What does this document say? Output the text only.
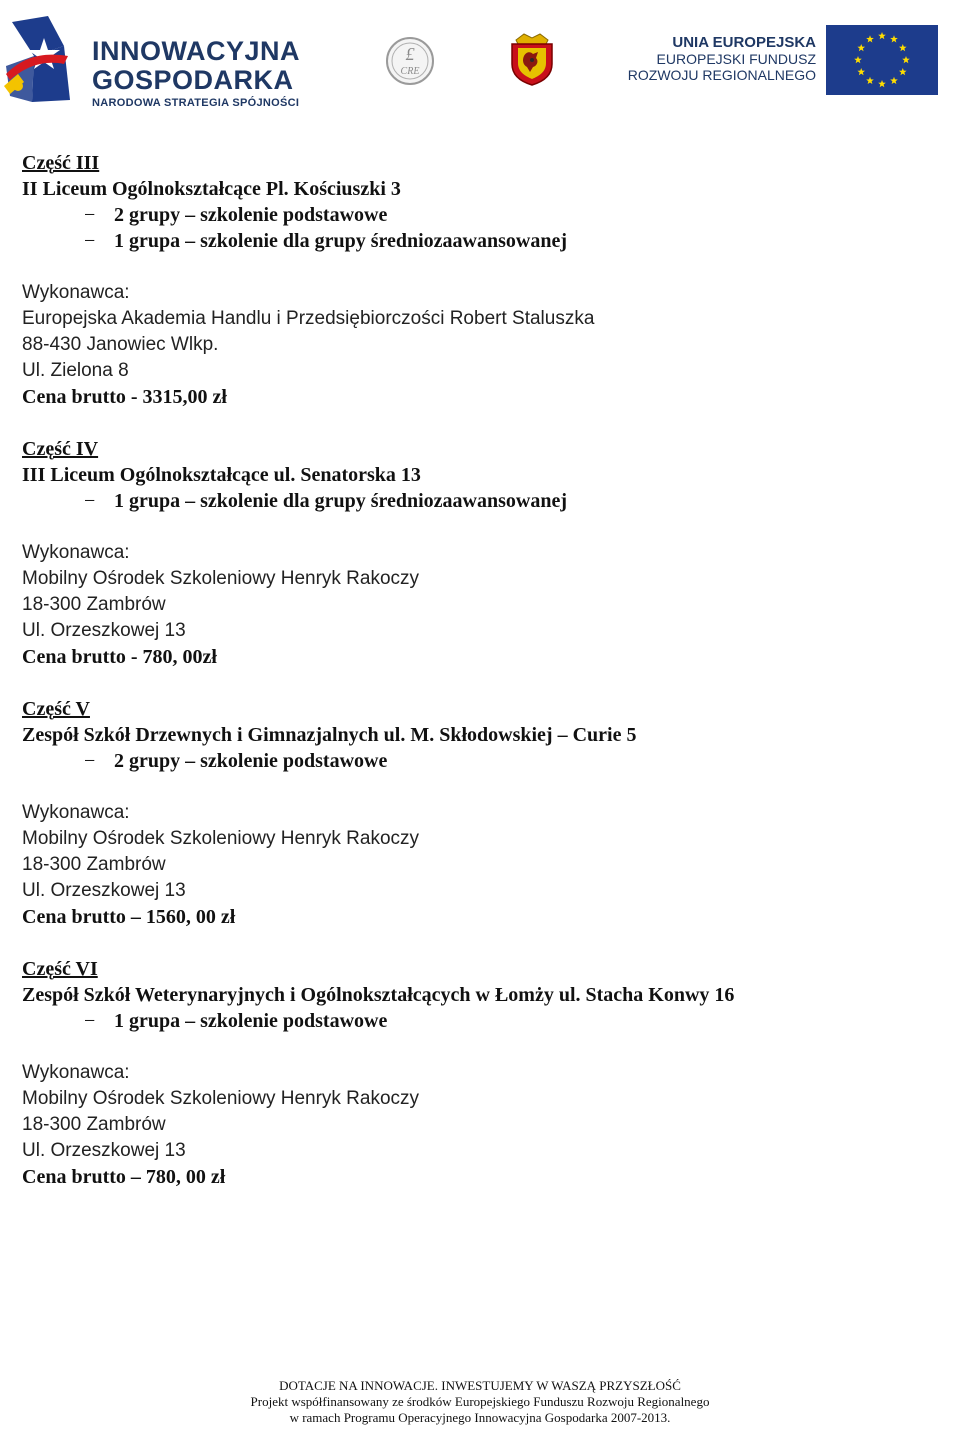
INNOWACYJNA
GOSPODARKA
NARODOWA STRATEGIA SPÓJNOŚCI
£
CRE
UNIA EUROPEJSKA
EUROPEJSKI FUNDUSZ
ROZWOJU REGIONALNEGO
Część III
II Liceum Ogólnokształcące Pl. Kościuszki 3
− 2 grupy – szkolenie podstawowe
− 1 grupa – szkolenie dla grupy średniozaawansowanej
Wykonawca:
Europejska Akademia Handlu i Przedsiębiorczości Robert Staluszka
88-430 Janowiec Wlkp.
Ul. Zielona 8
Cena brutto - 3315,00 zł
Część IV
III Liceum Ogólnokształcące ul. Senatorska 13
− 1 grupa – szkolenie dla grupy średniozaawansowanej
Wykonawca:
Mobilny Ośrodek Szkoleniowy Henryk Rakoczy
18-300 Zambrów
Ul. Orzeszkowej 13
Cena brutto - 780, 00zł
Część V
Zespół Szkół Drzewnych i Gimnazjalnych ul. M. Skłodowskiej – Curie 5
− 2 grupy – szkolenie podstawowe
Wykonawca:
Mobilny Ośrodek Szkoleniowy Henryk Rakoczy
18-300 Zambrów
Ul. Orzeszkowej 13
Cena brutto – 1560, 00 zł
Część VI
Zespół Szkół Weterynaryjnych i Ogólnokształcących w Łomży ul. Stacha Konwy 16
− 1 grupa – szkolenie podstawowe
Wykonawca:
Mobilny Ośrodek Szkoleniowy Henryk Rakoczy
18-300 Zambrów
Ul. Orzeszkowej 13
Cena brutto – 780, 00 zł
DOTACJE NA INNOWACJE. INWESTUJEMY W WASZĄ PRZYSZŁOŚĆ
Projekt współfinansowany ze środków Europejskiego Funduszu Rozwoju Regionalnego
w ramach Programu Operacyjnego Innowacyjna Gospodarka 2007-2013.
